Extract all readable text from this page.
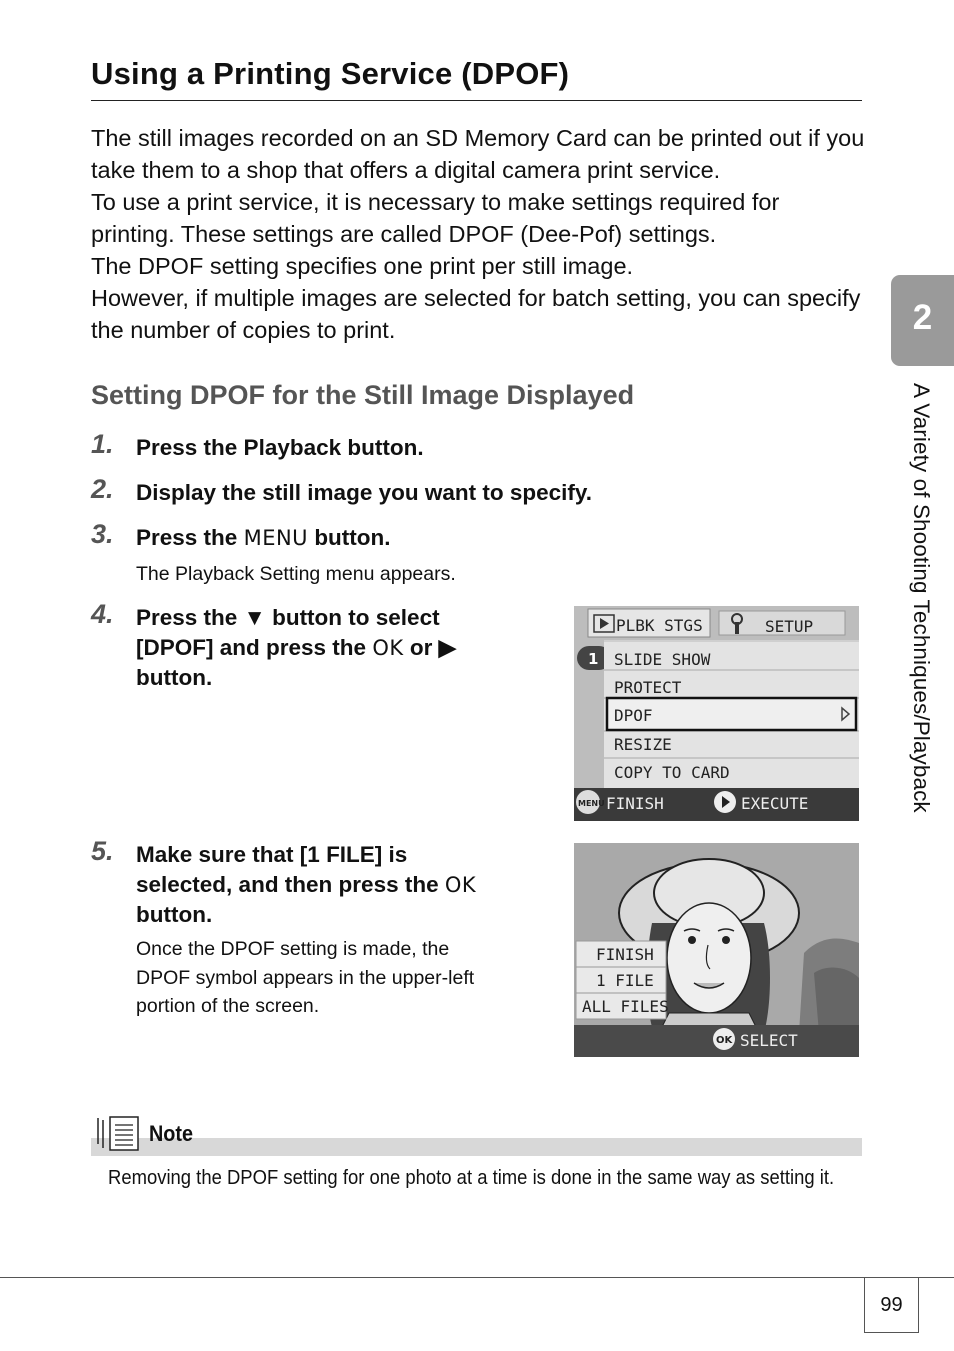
Using a Printing Service (DPOF)

The still images recorded on an SD Memory Card can be printed out if you take them to a shop that offers a digital camera print service.

To use a print service, it is necessary to make settings required for printing. These settings are called DPOF (Dee-Pof) settings.

The DPOF setting specifies one print per still image.

However, if multiple images are selected for batch setting, you can specify the number of copies to print.

Setting DPOF for the Still Image Displayed
1. Press the Playback button.
2. Display the still image you want to specify.
3. Press the MENU button.
The Playback Setting menu appears.
4. Press the ▼ button to select
[DPOF] and press the OK or ▶
button.
PLBK STGS	SETUP
1 SLIDE SHOW
PROTECT
DPOF
RESIZE
COPY TO CARD
MENU FINISH	EXECUTE
5. Make sure that [1 FILE] is
selected, and then press the OK
button.
Once the DPOF setting is made, the
DPOF symbol appears in the upper-left
portion of the screen.
FINISH
1 FILE
ALL FILES
OK SELECT
Note
Removing the DPOF setting for one photo at a time is done in the same way as setting it.
2
A Variety of Shooting Techniques/Playback
99
